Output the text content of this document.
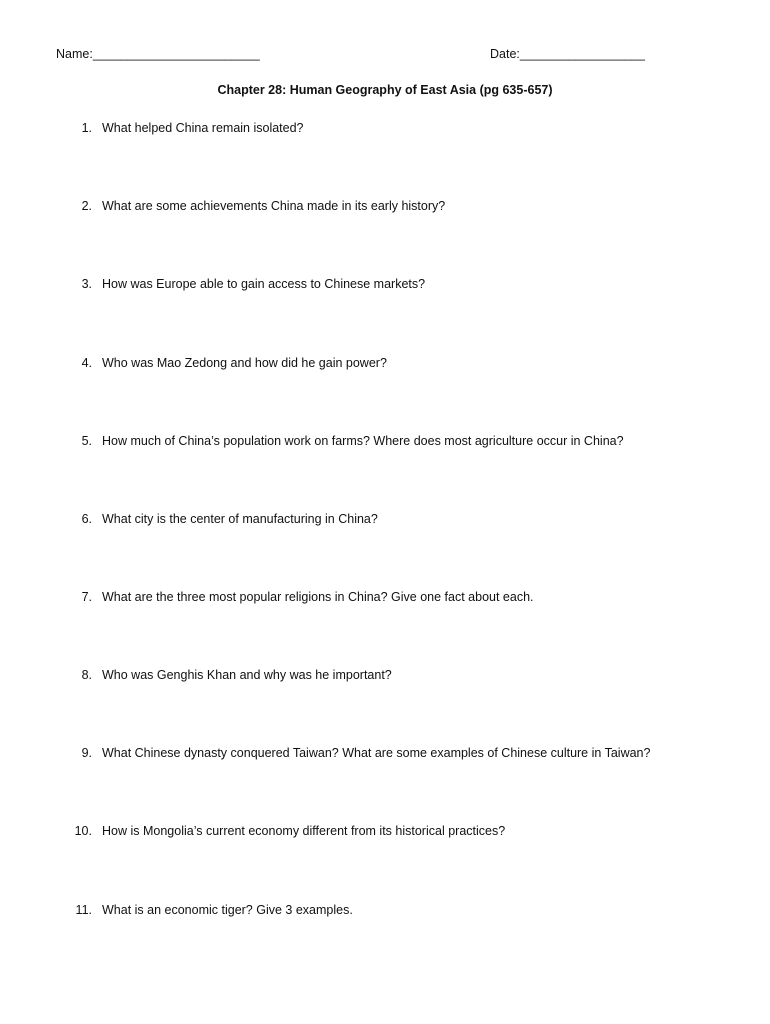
Name:________________________	Date:__________________
Chapter 28: Human Geography of East Asia (pg 635-657)
1. What helped China remain isolated?
2. What are some achievements China made in its early history?
3. How was Europe able to gain access to Chinese markets?
4. Who was Mao Zedong and how did he gain power?
5. How much of China’s population work on farms? Where does most agriculture occur in China?
6. What city is the center of manufacturing in China?
7. What are the three most popular religions in China? Give one fact about each.
8. Who was Genghis Khan and why was he important?
9. What Chinese dynasty conquered Taiwan? What are some examples of Chinese culture in Taiwan?
10. How is Mongolia’s current economy different from its historical practices?
11. What is an economic tiger? Give 3 examples.
